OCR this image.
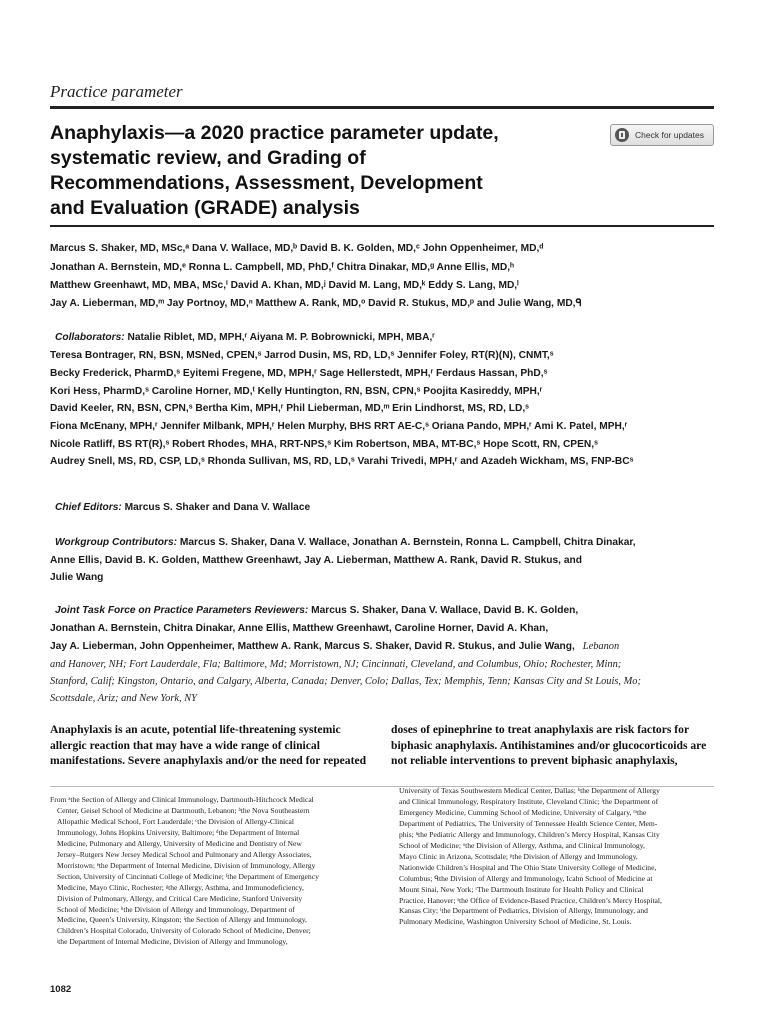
Practice parameter
Anaphylaxis—a 2020 practice parameter update,
systematic review, and Grading of
Recommendations, Assessment, Development
and Evaluation (GRADE) analysis
Check for updates
Marcus S. Shaker, MD, MSc,ᵃ Dana V. Wallace, MD,ᵇ David B. K. Golden, MD,ᶜ John Oppenheimer, MD,ᵈ
Jonathan A. Bernstein, MD,ᵉ Ronna L. Campbell, MD, PhD,ᶠ Chitra Dinakar, MD,ᵍ Anne Ellis, MD,ʰ
Matthew Greenhawt, MD, MBA, MSc,ⁱ David A. Khan, MD,ʲ David M. Lang, MD,ᵏ Eddy S. Lang, MD,ˡ
Jay A. Lieberman, MD,ᵐ Jay Portnoy, MD,ⁿ Matthew A. Rank, MD,ᵒ David R. Stukus, MD,ᵖ and Julie Wang, MD,ᑫ
Collaborators: Natalie Riblet, MD, MPH,ʳ Aiyana M. P. Bobrownicki, MPH, MBA,ʳ
Teresa Bontrager, RN, BSN, MSNed, CPEN,ˢ Jarrod Dusin, MS, RD, LD,ˢ Jennifer Foley, RT(R)(N), CNMT,ˢ
Becky Frederick, PharmD,ˢ Eyitemi Fregene, MD, MPH,ʳ Sage Hellerstedt, MPH,ʳ Ferdaus Hassan, PhD,ˢ
Kori Hess, PharmD,ˢ Caroline Horner, MD,ᵗ Kelly Huntington, RN, BSN, CPN,ˢ Poojita Kasireddy, MPH,ʳ
David Keeler, RN, BSN, CPN,ˢ Bertha Kim, MPH,ʳ Phil Lieberman, MD,ᵐ Erin Lindhorst, MS, RD, LD,ˢ
Fiona McEnany, MPH,ʳ Jennifer Milbank, MPH,ʳ Helen Murphy, BHS RRT AE-C,ˢ Oriana Pando, MPH,ʳ Ami K. Patel, MPH,ʳ
Nicole Ratliff, BS RT(R),ˢ Robert Rhodes, MHA, RRT-NPS,ˢ Kim Robertson, MBA, MT-BC,ˢ Hope Scott, RN, CPEN,ˢ
Audrey Snell, MS, RD, CSP, LD,ˢ Rhonda Sullivan, MS, RD, LD,ˢ Varahi Trivedi, MPH,ʳ and Azadeh Wickham, MS, FNP-BCˢ
Chief Editors: Marcus S. Shaker and Dana V. Wallace
Workgroup Contributors: Marcus S. Shaker, Dana V. Wallace, Jonathan A. Bernstein, Ronna L. Campbell, Chitra Dinakar,
Anne Ellis, David B. K. Golden, Matthew Greenhawt, Jay A. Lieberman, Matthew A. Rank, David R. Stukus, and
Julie Wang
Joint Task Force on Practice Parameters Reviewers: Marcus S. Shaker, Dana V. Wallace, David B. K. Golden,
Jonathan A. Bernstein, Chitra Dinakar, Anne Ellis, Matthew Greenhawt, Caroline Horner, David A. Khan,
Jay A. Lieberman, John Oppenheimer, Matthew A. Rank, Marcus S. Shaker, David R. Stukus, and Julie Wang, Lebanon
and Hanover, NH; Fort Lauderdale, Fla; Baltimore, Md; Morristown, NJ; Cincinnati, Cleveland, and Columbus, Ohio; Rochester, Minn;
Stanford, Calif; Kingston, Ontario, and Calgary, Alberta, Canada; Denver, Colo; Dallas, Tex; Memphis, Tenn; Kansas City and St Louis, Mo;
Scottsdale, Ariz; and New York, NY
Anaphylaxis is an acute, potential life-threatening systemic
allergic reaction that may have a wide range of clinical
manifestations. Severe anaphylaxis and/or the need for repeated
doses of epinephrine to treat anaphylaxis are risk factors for
biphasic anaphylaxis. Antihistamines and/or glucocorticoids are
not reliable interventions to prevent biphasic anaphylaxis,
From ᵃthe Section of Allergy and Clinical Immunology, Dartmouth-Hitchcock Medical
Center, Geisel School of Medicine at Dartmouth, Lebanon; ᵇthe Nova Southeastern
Allopathic Medical School, Fort Lauderdale; ᶜthe Division of Allergy-Clinical
Immunology, Johns Hopkins University, Baltimore; ᵈthe Department of Internal
Medicine, Pulmonary and Allergy, University of Medicine and Dentistry of New
Jersey–Rutgers New Jersey Medical School and Pulmonary and Allergy Associates,
Morristown; ᵉthe Department of Internal Medicine, Division of Immunology, Allergy
Section, University of Cincinnati College of Medicine; ᶠthe Department of Emergency
Medicine, Mayo Clinic, Rochester; ᵍthe Allergy, Asthma, and Immunodeficiency,
Division of Pulmonary, Allergy, and Critical Care Medicine, Stanford University
School of Medicine; ʰthe Division of Allergy and Immunology, Department of
Medicine, Queen’s University, Kingston; ⁱthe Section of Allergy and Immunology,
Children’s Hospital Colorado, University of Colorado School of Medicine, Denver;
ʲthe Department of Internal Medicine, Division of Allergy and Immunology,
University of Texas Southwestern Medical Center, Dallas; ᵏthe Department of Allergy
and Clinical Immunology, Respiratory Institute, Cleveland Clinic; ˡthe Department of
Emergency Medicine, Cumming School of Medicine, University of Calgary, ᵐthe
Department of Pediatrics, The University of Tennessee Health Science Center, Mem-
phis; ⁿthe Pediatric Allergy and Immunology, Children’s Mercy Hospital, Kansas City
School of Medicine; ᵒthe Division of Allergy, Asthma, and Clinical Immunology,
Mayo Clinic in Arizona, Scottsdale; ᵖthe Division of Allergy and Immunology,
Nationwide Children’s Hospital and The Ohio State University College of Medicine,
Columbus; ᑫthe Division of Allergy and Immunology, Icahn School of Medicine at
Mount Sinai, New York; ʳThe Dartmouth Institute for Health Policy and Clinical
Practice, Hanover; ˢthe Office of Evidence-Based Practice, Children’s Mercy Hospital,
Kansas City; ᵗthe Department of Pediatrics, Division of Allergy, Immunology, and
Pulmonary Medicine, Washington University School of Medicine, St. Louis.
1082
